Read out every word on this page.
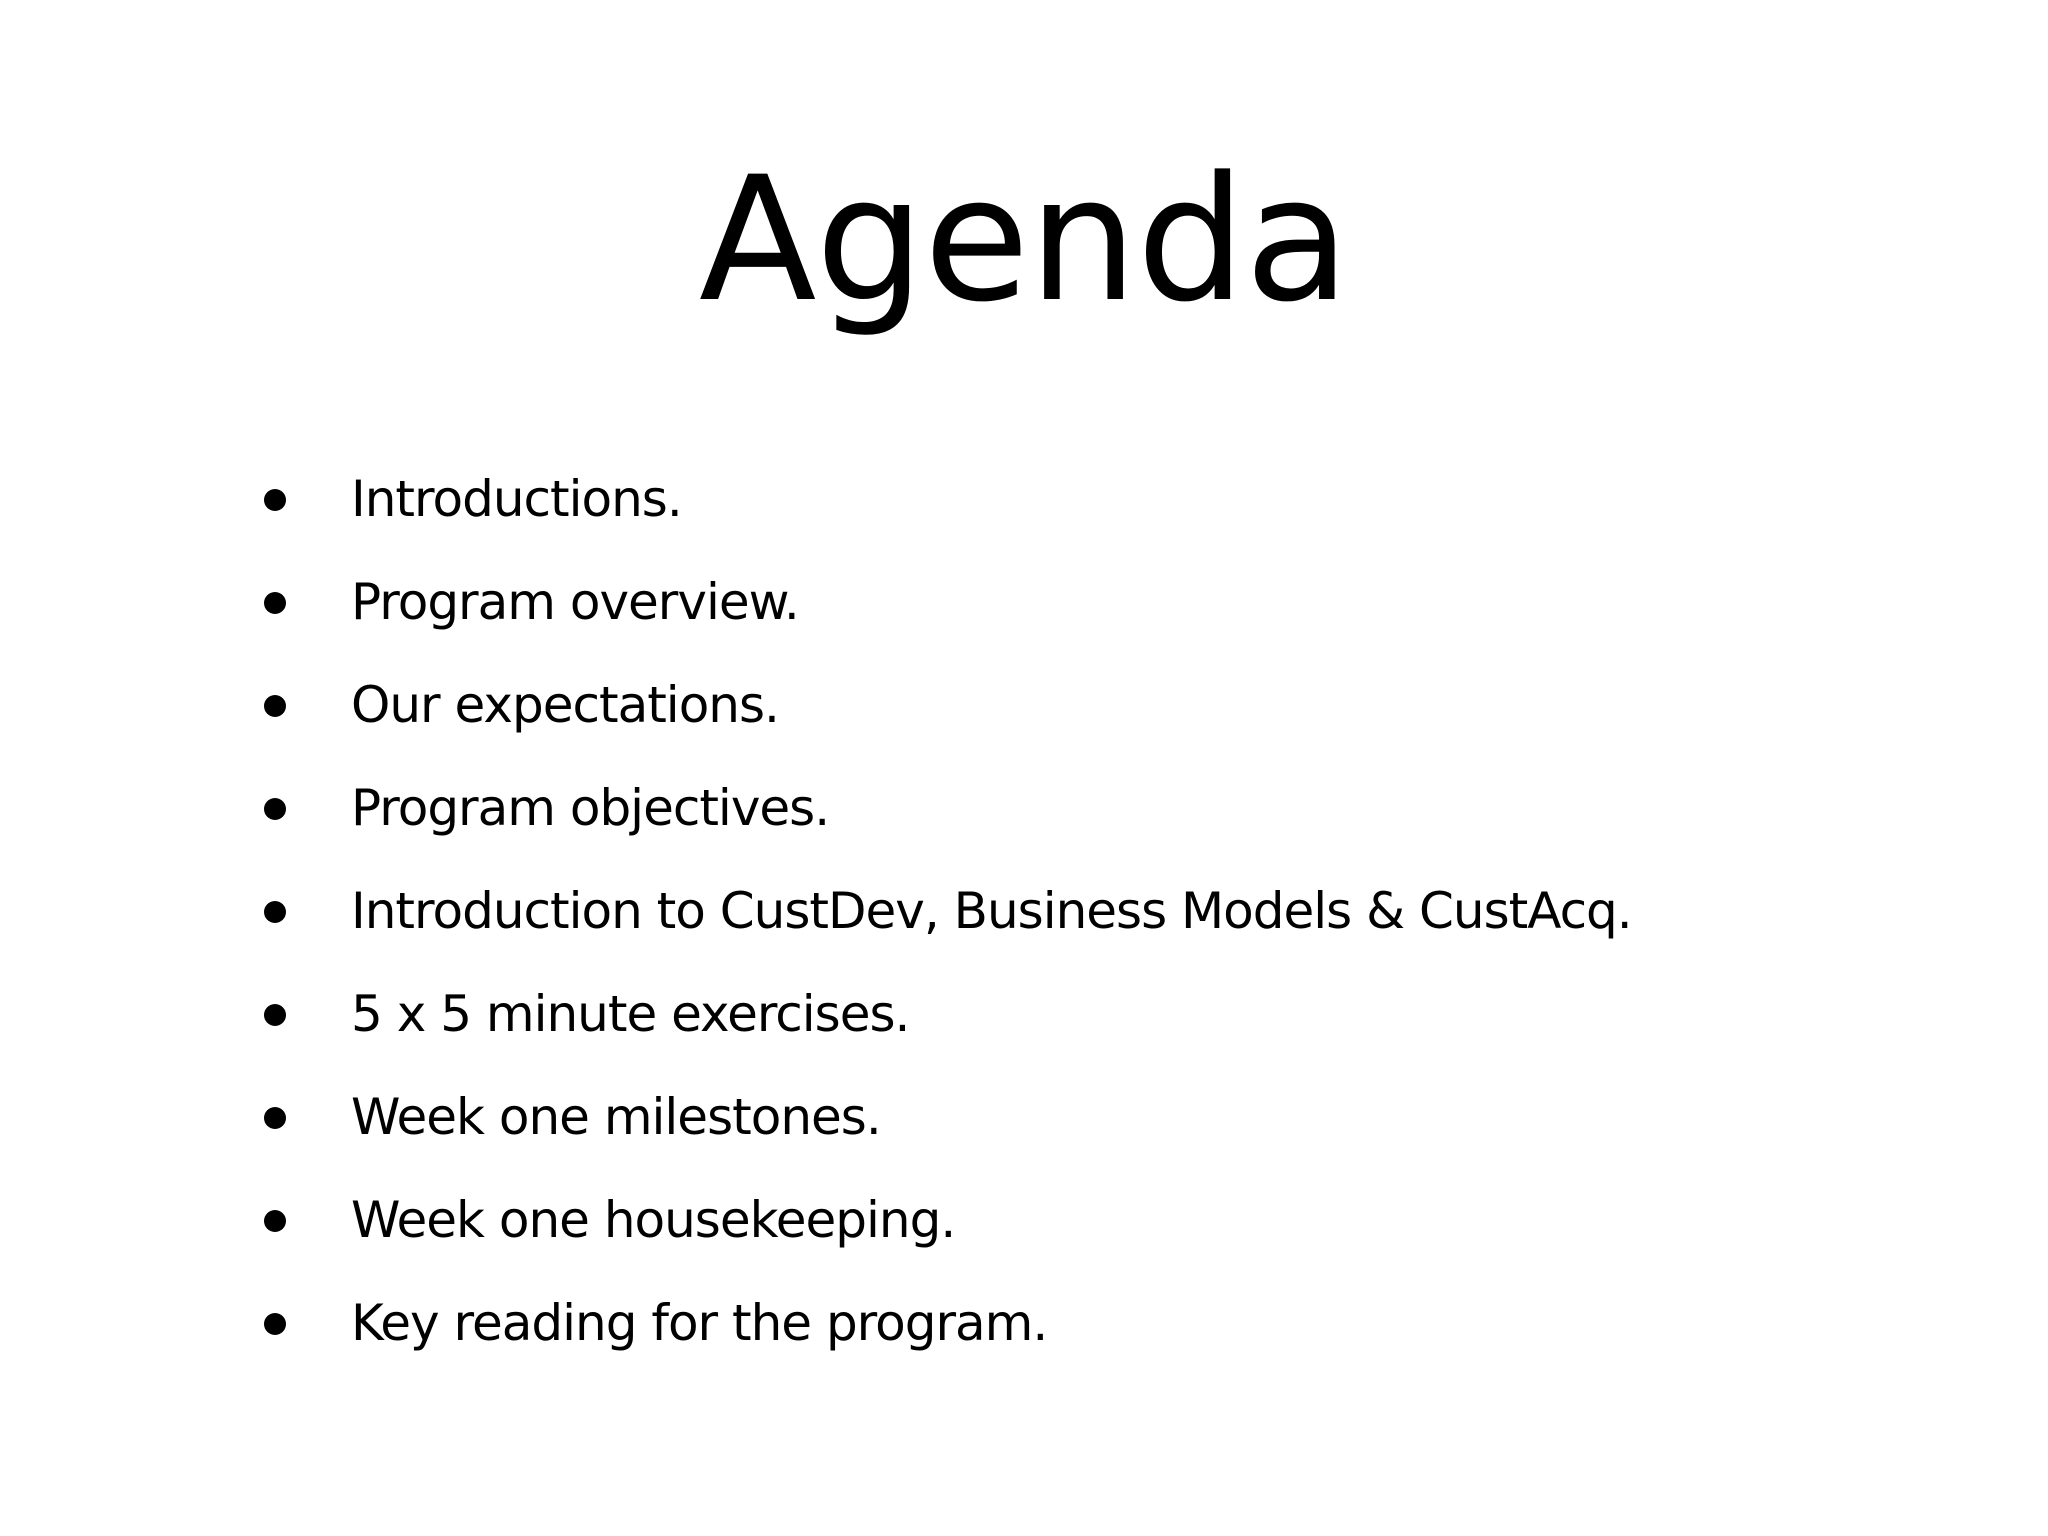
Agenda
Introductions.
Program overview.
Our expectations.
Program objectives.
Introduction to CustDev, Business Models & CustAcq.
5 x 5 minute exercises.
Week one milestones.
Week one housekeeping.
Key reading for the program.
